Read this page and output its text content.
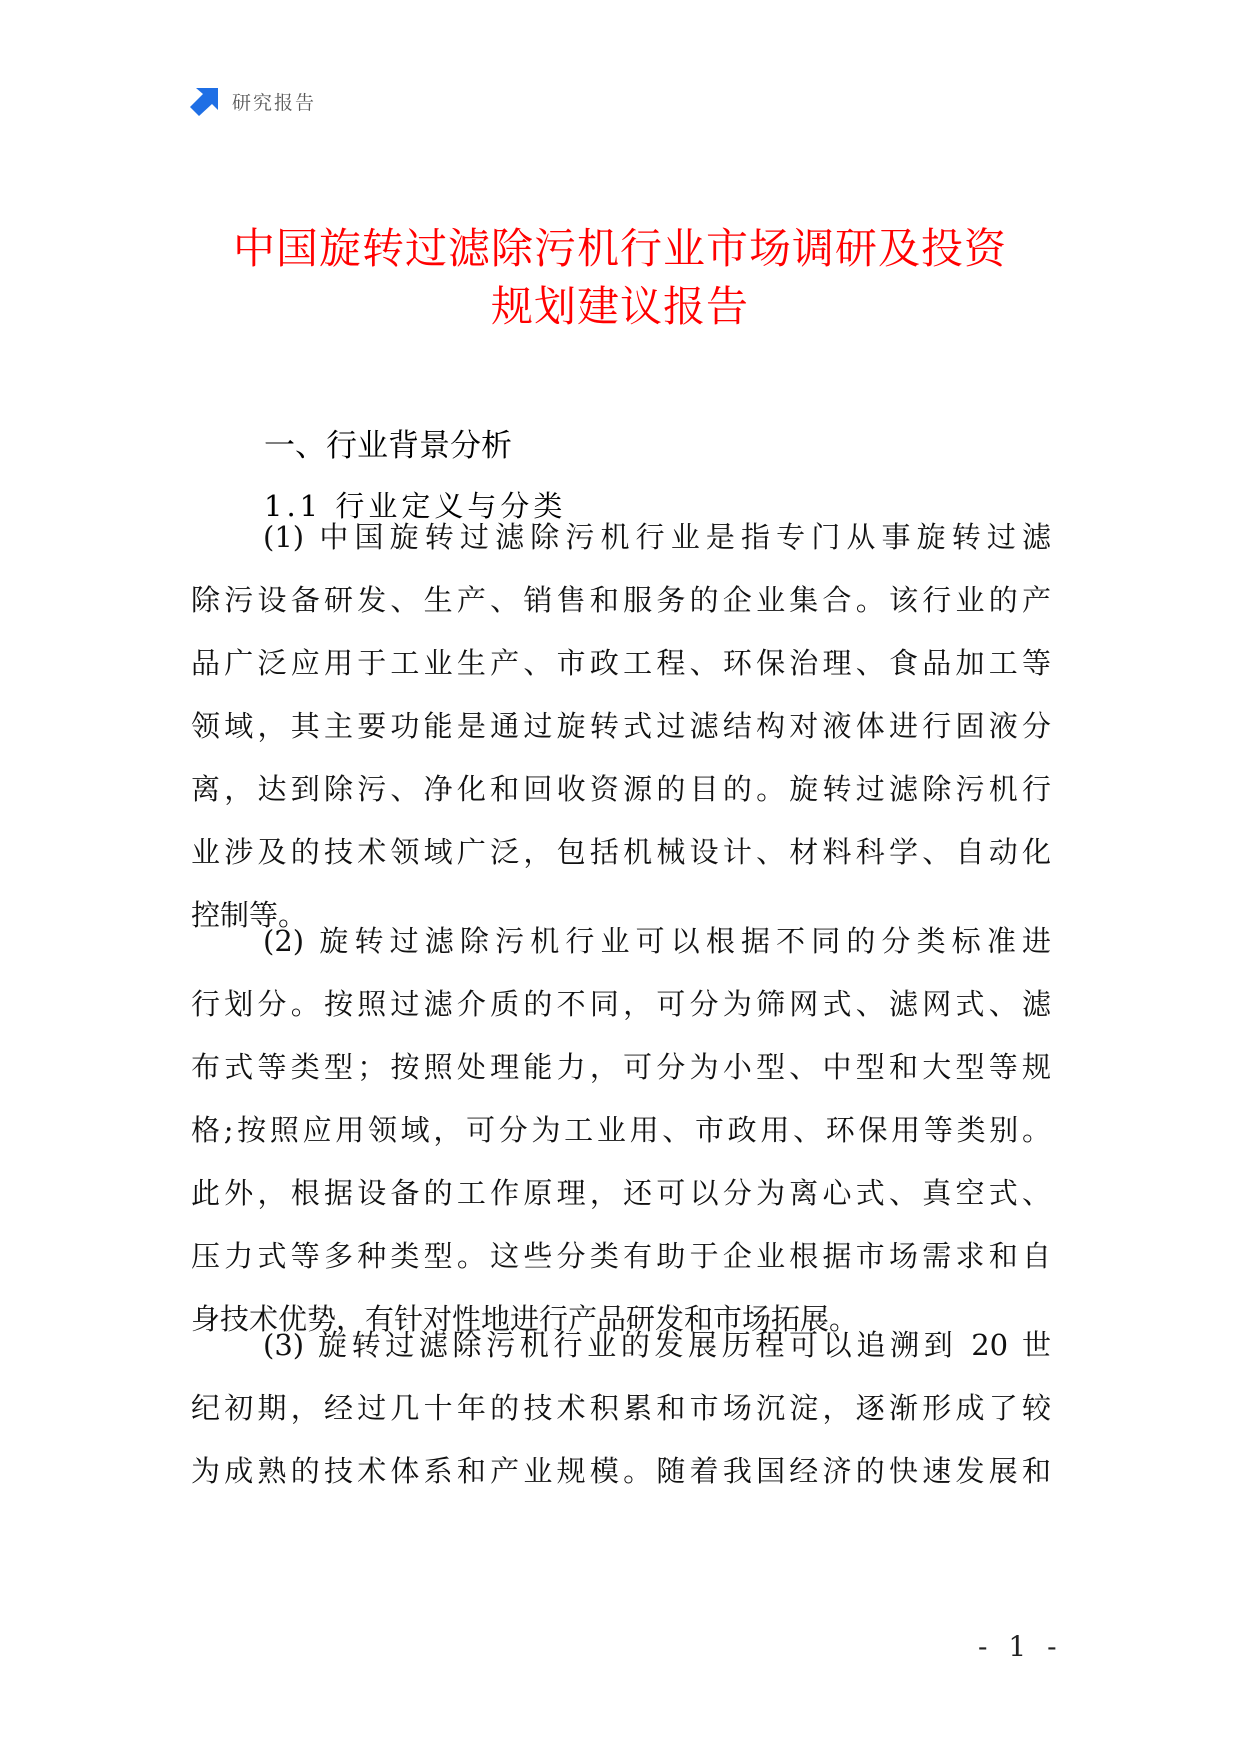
研究报告
中国旋转过滤除污机行业市场调研及投资
规划建议报告
一、行业背景分析
1.1 行业定义与分类
(1) 中国旋转过滤除污机行业是指专门从事旋转过滤
除污设备研发、生产、销售和服务的企业集合。该行业的产
品广泛应用于工业生产、市政工程、环保治理、食品加工等
领域，其主要功能是通过旋转式过滤结构对液体进行固液分
离，达到除污、净化和回收资源的目的。旋转过滤除污机行
业涉及的技术领域广泛，包括机械设计、材料科学、自动化
控制等。
(2) 旋转过滤除污机行业可以根据不同的分类标准进
行划分。按照过滤介质的不同，可分为筛网式、滤网式、滤
布式等类型；按照处理能力，可分为小型、中型和大型等规
格;按照应用领域，可分为工业用、市政用、环保用等类别。
此外，根据设备的工作原理，还可以分为离心式、真空式、
压力式等多种类型。这些分类有助于企业根据市场需求和自
身技术优势，有针对性地进行产品研发和市场拓展。
(3) 旋转过滤除污机行业的发展历程可以追溯到 20 世
纪初期，经过几十年的技术积累和市场沉淀，逐渐形成了较
为成熟的技术体系和产业规模。随着我国经济的快速发展和
- 1 -
